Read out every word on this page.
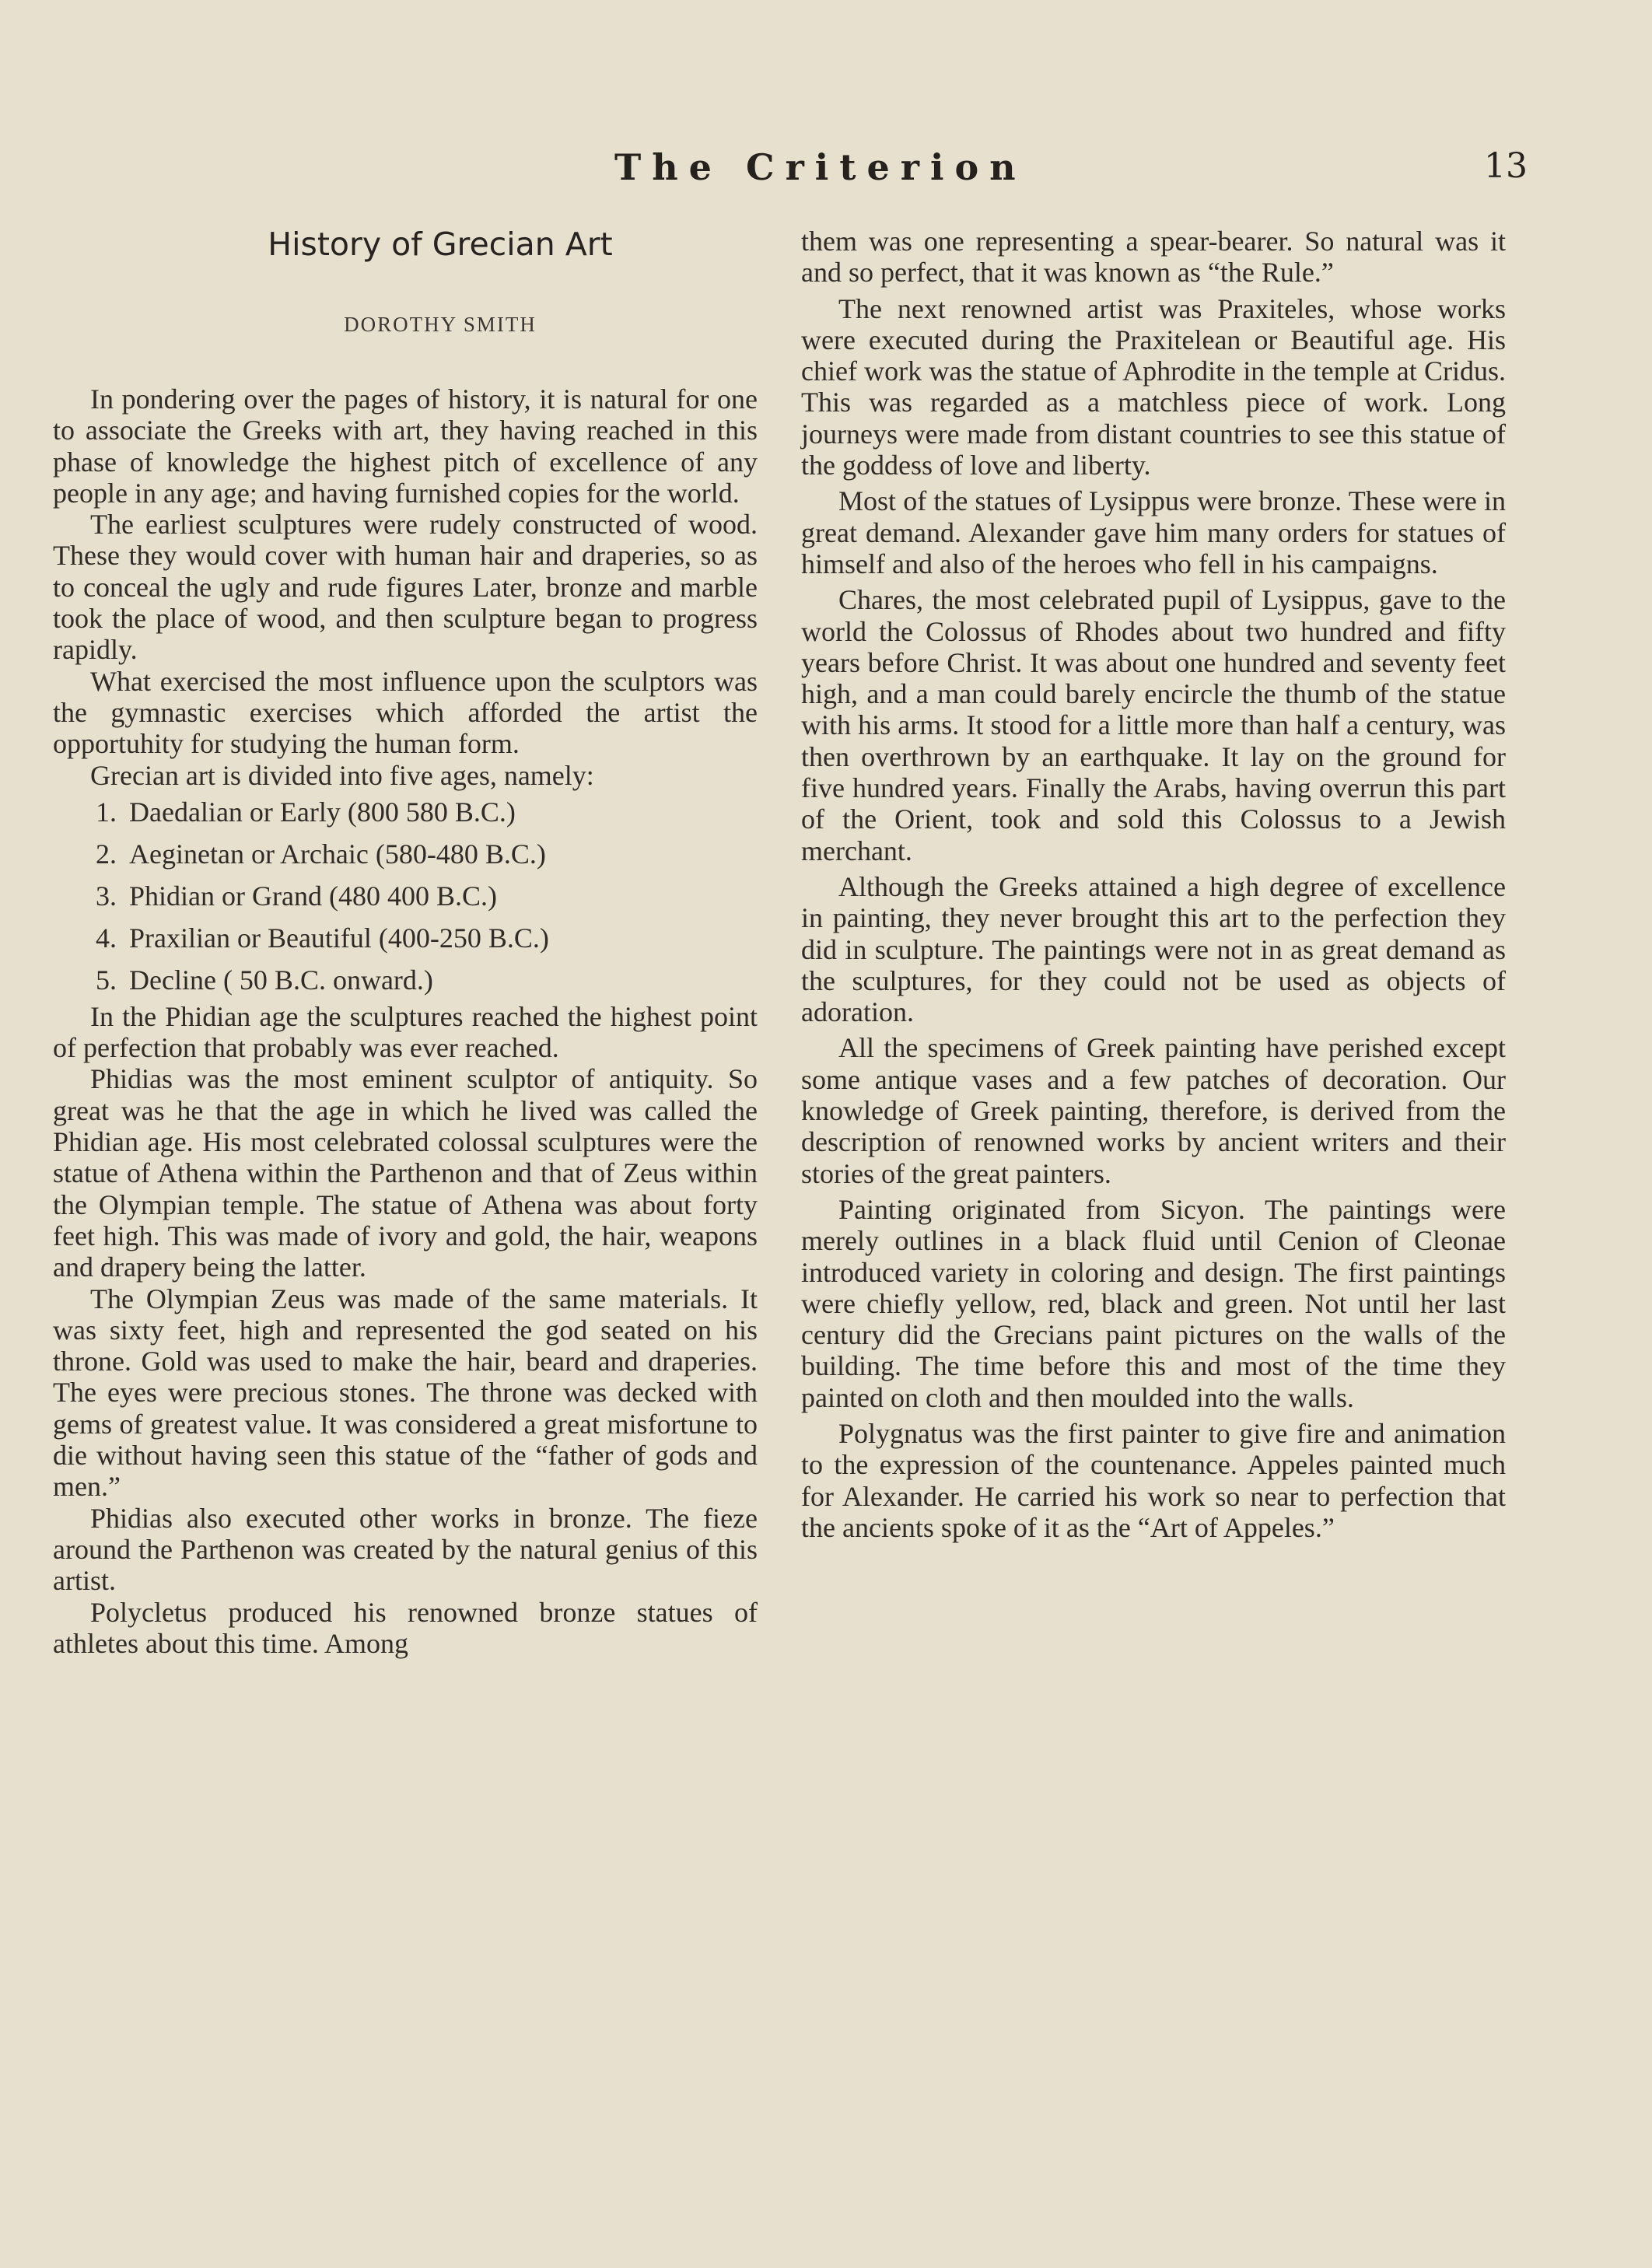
The Criterion	13
History of Grecian Art
DOROTHY SMITH

In pondering over the pages of history, it is natural for one to associate the Greeks with art, they having reached in this phase of knowledge the highest pitch of excellence of any people in any age; and having furnished copies for the world.

The earliest sculptures were rudely constructed of wood. These they would cover with human hair and draperies, so as to conceal the ugly and rude figures Later, bronze and marble took the place of wood, and then sculpture began to progress rapidly.

What exercised the most influence upon the sculptors was the gymnastic exercises which afforded the artist the opportuhity for studying the human form.

Grecian art is divided into five ages, namely:

1. Daedalian or Early (800 580 B.C.)
2. Aeginetan or Archaic (580-480 B.C.)
3. Phidian or Grand (480 400 B.C.)
4. Praxilian or Beautiful (400-250 B.C.)
5. Decline ( 50 B.C. onward.)

In the Phidian age the sculptures reached the highest point of perfection that probably was ever reached.

Phidias was the most eminent sculptor of antiquity. So great was he that the age in which he lived was called the Phidian age. His most celebrated colossal sculptures were the statue of Athena within the Parthenon and that of Zeus within the Olympian temple. The statue of Athena was about forty feet high. This was made of ivory and gold, the hair, weapons and drapery being the latter.

The Olympian Zeus was made of the same materials. It was sixty feet, high and represented the god seated on his throne. Gold was used to make the hair, beard and draperies. The eyes were precious stones. The throne was decked with gems of greatest value. It was considered a great misfortune to die without having seen this statue of the “father of gods and men.”

Phidias also executed other works in bronze. The fieze around the Parthenon was created by the natural genius of this artist.

Polycletus produced his renowned bronze statues of athletes about this time. Among

them was one representing a spear-bearer. So natural was it and so perfect, that it was known as “the Rule.”

The next renowned artist was Praxiteles, whose works were executed during the Praxitelean or Beautiful age. His chief work was the statue of Aphrodite in the temple at Cridus. This was regarded as a matchless piece of work. Long journeys were made from distant countries to see this statue of the goddess of love and liberty.

Most of the statues of Lysippus were bronze. These were in great demand. Alexander gave him many orders for statues of himself and also of the heroes who fell in his campaigns.

Chares, the most celebrated pupil of Lysippus, gave to the world the Colossus of Rhodes about two hundred and fifty years before Christ. It was about one hundred and seventy feet high, and a man could barely encircle the thumb of the statue with his arms. It stood for a little more than half a century, was then overthrown by an earthquake. It lay on the ground for five hundred years. Finally the Arabs, having overrun this part of the Orient, took and sold this Colossus to a Jewish merchant.

Although the Greeks attained a high degree of excellence in painting, they never brought this art to the perfection they did in sculpture. The paintings were not in as great demand as the sculptures, for they could not be used as objects of adoration.

All the specimens of Greek painting have perished except some antique vases and a few patches of decoration. Our knowledge of Greek painting, therefore, is derived from the description of renowned works by ancient writers and their stories of the great painters.

Painting originated from Sicyon. The paintings were merely outlines in a black fluid until Cenion of Cleonae introduced variety in coloring and design. The first paintings were chiefly yellow, red, black and green. Not until her last century did the Grecians paint pictures on the walls of the building. The time before this and most of the time they painted on cloth and then moulded into the walls.

Polygnatus was the first painter to give fire and animation to the expression of the countenance. Appeles painted much for Alexander. He carried his work so near to perfection that the ancients spoke of it as the “Art of Appeles.”
